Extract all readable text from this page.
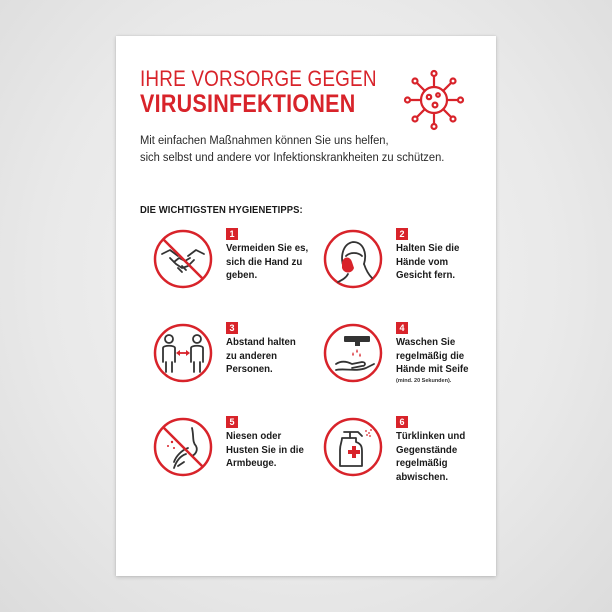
IHRE VORSORGE GEGEN
VIRUSINFEKTIONEN
Mit einfachen Maßnahmen können Sie uns helfen,
sich selbst und andere vor Infektionskrankheiten zu schützen.
DIE WICHTIGSTEN HYGIENETIPPS:
1
Vermeiden Sie es,
sich die Hand zu
geben.
2
Halten Sie die
Hände vom
Gesicht fern.
3
Abstand halten
zu anderen
Personen.
4
Waschen Sie
regelmäßig die
Hände mit Seife
(mind. 20 Sekunden).
5
Niesen oder
Husten Sie in die
Armbeuge.
6
Türklinken und
Gegenstände
regelmäßig
abwischen.
